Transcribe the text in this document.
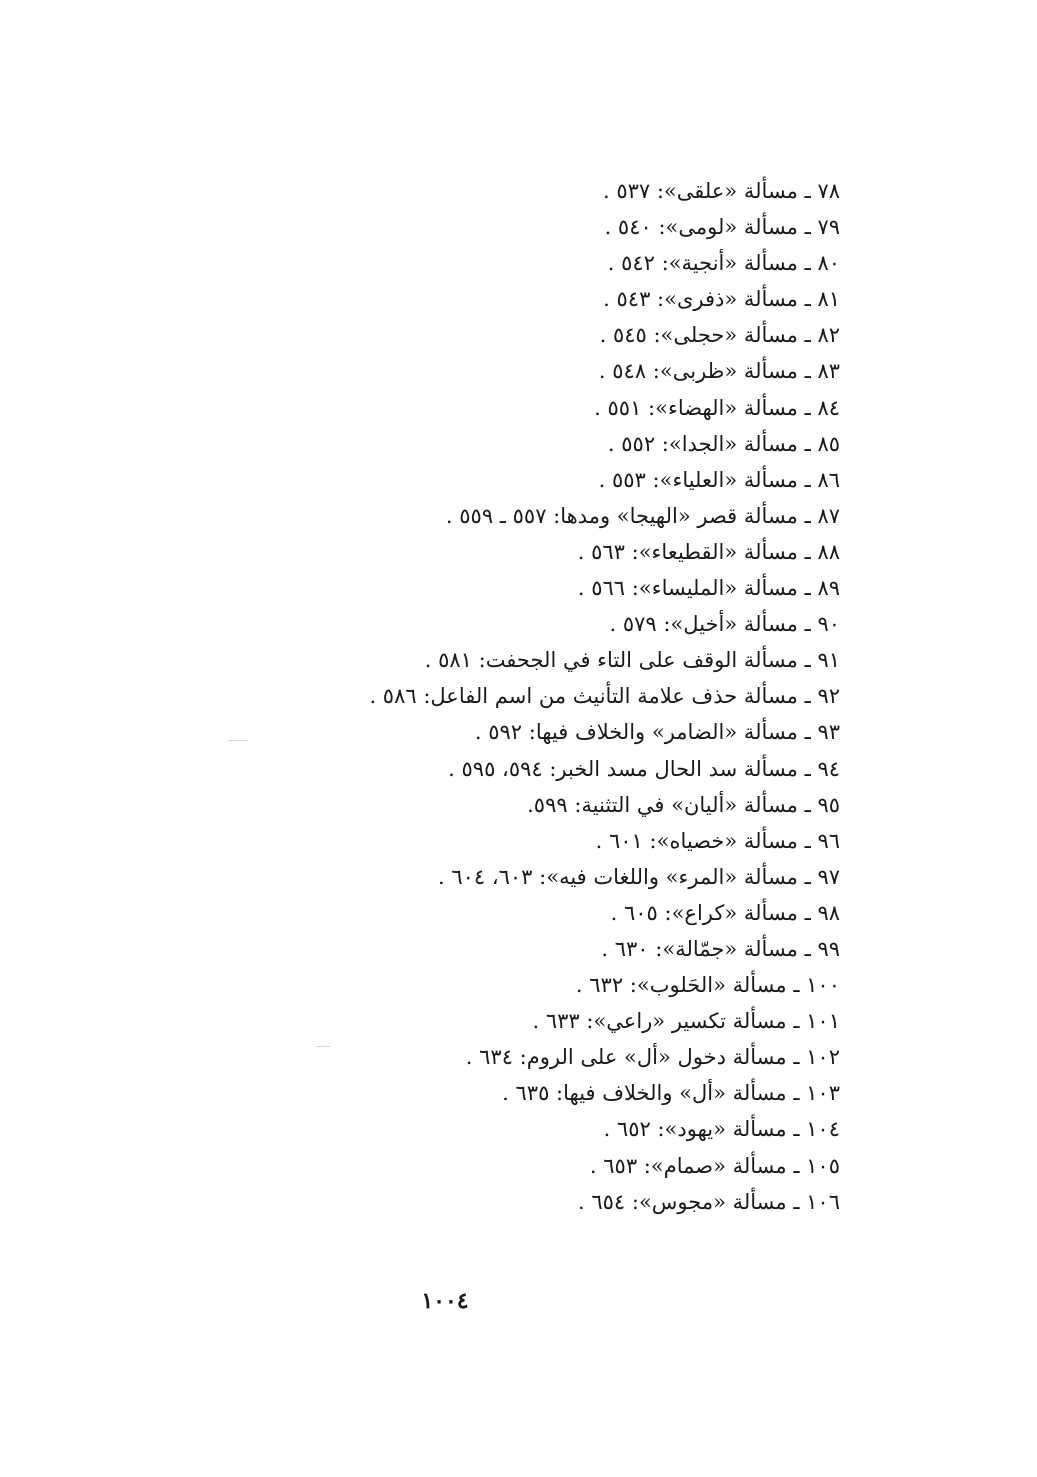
٧٨ ـ مسألة «علقى»: ٥٣٧ .
٧٩ ـ مسألة «لومى»: ٥٤٠ .
٨٠ ـ مسألة «أنجية»: ٥٤٢ .
٨١ ـ مسألة «ذفرى»: ٥٤٣ .
٨٢ ـ مسألة «حجلى»: ٥٤٥ .
٨٣ ـ مسألة «ظربى»: ٥٤٨ .
٨٤ ـ مسألة «الهضاء»: ٥٥١ .
٨٥ ـ مسألة «الجدا»: ٥٥٢ .
٨٦ ـ مسألة «العلياء»: ٥٥٣ .
٨٧ ـ مسألة قصر «الهيجا» ومدها: ٥٥٧ ـ ٥٥٩ .
٨٨ ـ مسألة «القطيعاء»: ٥٦٣ .
٨٩ ـ مسألة «المليساء»: ٥٦٦ .
٩٠ ـ مسألة «أخيل»: ٥٧٩ .
٩١ ـ مسألة الوقف على التاء في الجحفت: ٥٨١ .
٩٢ ـ مسألة حذف علامة التأنيث من اسم الفاعل: ٥٨٦ .
٩٣ ـ مسألة «الضامر» والخلاف فيها: ٥٩٢ .
٩٤ ـ مسألة سد الحال مسد الخبر: ٥٩٤، ٥٩٥ .
٩٥ ـ مسألة «أليان» في التثنية: ٥٩٩.
٩٦ ـ مسألة «خصياه»: ٦٠١ .
٩٧ ـ مسألة «المرء» واللغات فيه»: ٦٠٣، ٦٠٤ .
٩٨ ـ مسألة «كراع»: ٦٠٥ .
٩٩ ـ مسألة «جمّالة»: ٦٣٠ .
١٠٠ ـ مسألة «الحَلوب»: ٦٣٢ .
١٠١ ـ مسألة تكسير «راعي»: ٦٣٣ .
١٠٢ ـ مسألة دخول «أل» على الروم: ٦٣٤ .
١٠٣ ـ مسألة «أل» والخلاف فيها: ٦٣٥ .
١٠٤ ـ مسألة «يهود»: ٦٥٢ .
١٠٥ ـ مسألة «صمام»: ٦٥٣ .
١٠٦ ـ مسألة «مجوس»: ٦٥٤ .
١٠٠٤
